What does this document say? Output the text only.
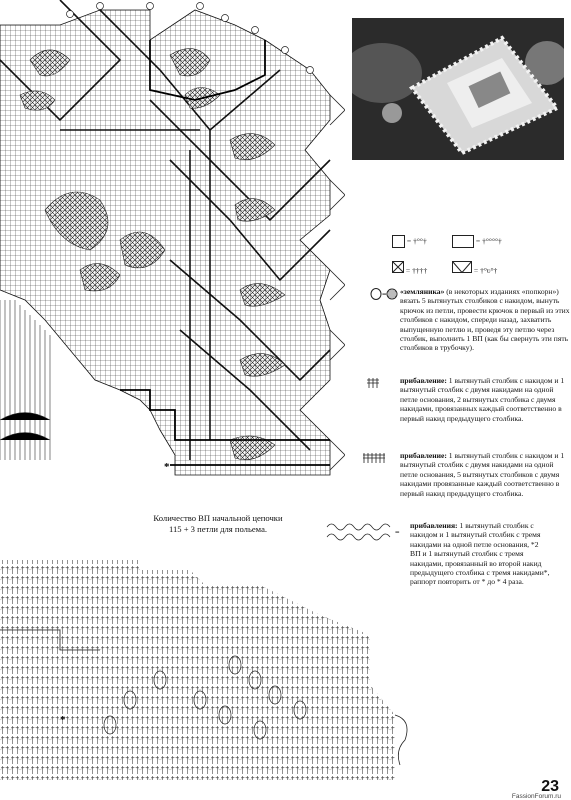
*
= †°°†	= †°°°°†
= ††††	= †°ʋ°†
= «земляника» (в некоторых изданиях «попкорн») вязать 5 вытянутых столбиков с накидом, вынуть крючок из петли, провести крючок в первый из этих столбиков с накидом, спереди назад, захватить выпущенную петлю и, проведя эту петлю через столбик, выполнить 1 ВП (как бы свернуть эти пять столбиков в трубочку).
прибавление: 1 вытянутый столбик с накидом и 1 вытянутый столбик с двумя накидами на одной петле основания, 2 вытянутых столбика с двумя накидами, провязанных каждый соответственно в первый накид предыдущего столбика.
прибавление: 1 вытянутый столбик с накидом и 1 вытянутый столбик с двумя накидами на одной петле основания, 5 вытянутых столбиков с двумя накидами провязанные каждый соответственно в первый накид предыдущего столбика.
=
прибавления: 1 вытянутый столбик с накидом и 1 вытянутый столбик с тремя накидами на одной петле основания, *2 ВП и 1 вытянутый столбик с тремя накидами, провязанный во второй накид предыдущего столбика с тремя накидами*, раппорт повторить от * до * 4 раза.
Количество ВП начальной цепочки
115 + 3 петли для польема.
*
23
FassionForum.ru
